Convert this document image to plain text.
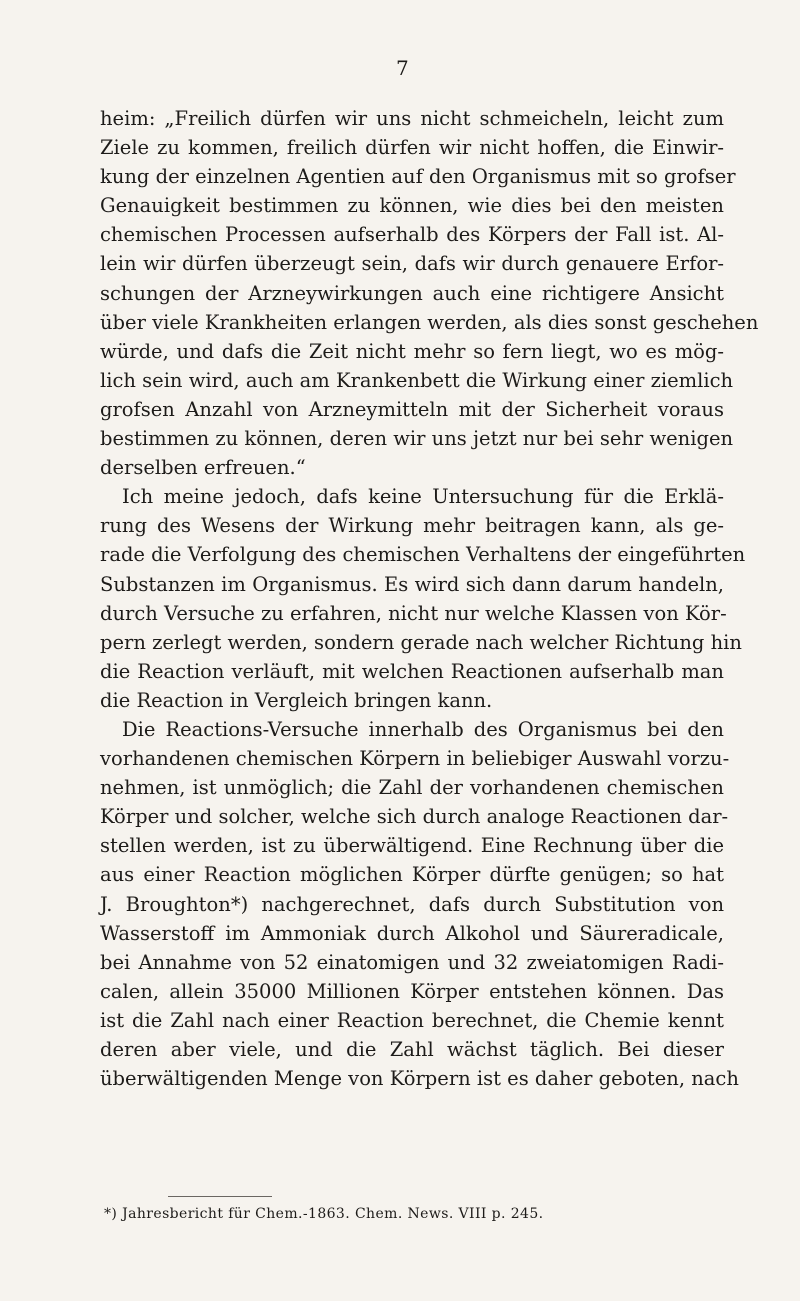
7
heim: „Freilich dürfen wir uns nicht schmeicheln, leicht zum
Ziele zu kommen, freilich dürfen wir nicht hoffen, die Einwir-
kung der einzelnen Agentien auf den Organismus mit so grofser
Genauigkeit bestimmen zu können, wie dies bei den meisten
chemischen Processen aufserhalb des Körpers der Fall ist. Al-
lein wir dürfen überzeugt sein, dafs wir durch genauere Erfor-
schungen der Arzneywirkungen auch eine richtigere Ansicht
über viele Krankheiten erlangen werden, als dies sonst geschehen
würde, und dafs die Zeit nicht mehr so fern liegt, wo es mög-
lich sein wird, auch am Krankenbett die Wirkung einer ziemlich
grofsen Anzahl von Arzneymitteln mit der Sicherheit voraus
bestimmen zu können, deren wir uns jetzt nur bei sehr wenigen
derselben erfreuen.“
Ich meine jedoch, dafs keine Untersuchung für die Erklä-
rung des Wesens der Wirkung mehr beitragen kann, als ge-
rade die Verfolgung des chemischen Verhaltens der eingeführten
Substanzen im Organismus. Es wird sich dann darum handeln,
durch Versuche zu erfahren, nicht nur welche Klassen von Kör-
pern zerlegt werden, sondern gerade nach welcher Richtung hin
die Reaction verläuft, mit welchen Reactionen aufserhalb man
die Reaction in Vergleich bringen kann.
Die Reactions-Versuche innerhalb des Organismus bei den
vorhandenen chemischen Körpern in beliebiger Auswahl vorzu-
nehmen, ist unmöglich; die Zahl der vorhandenen chemischen
Körper und solcher, welche sich durch analoge Reactionen dar-
stellen werden, ist zu überwältigend. Eine Rechnung über die
aus einer Reaction möglichen Körper dürfte genügen; so hat
J. Broughton*) nachgerechnet, dafs durch Substitution von
Wasserstoff im Ammoniak durch Alkohol und Säureradicale,
bei Annahme von 52 einatomigen und 32 zweiatomigen Radi-
calen, allein 35000 Millionen Körper entstehen können. Das
ist die Zahl nach einer Reaction berechnet, die Chemie kennt
deren aber viele, und die Zahl wächst täglich. Bei dieser
überwältigenden Menge von Körpern ist es daher geboten, nach
*) Jahresbericht für Chem.-1863. Chem. News. VIII p. 245.
